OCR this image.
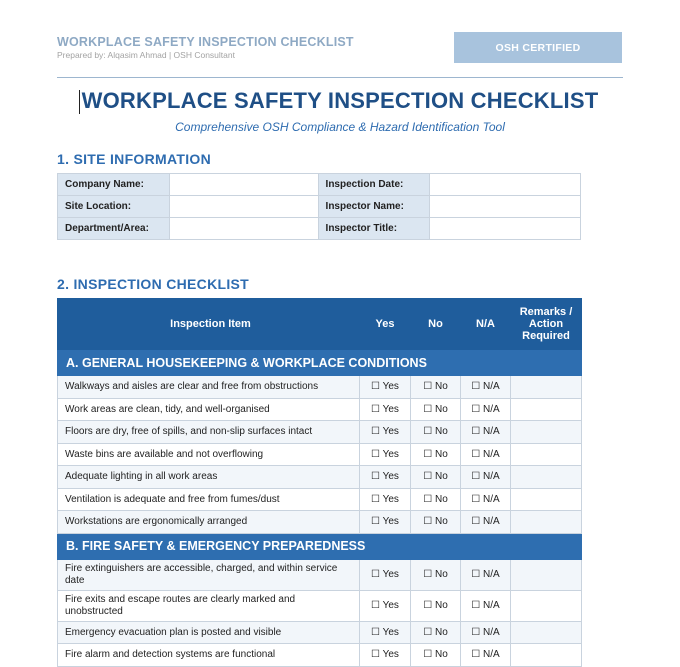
WORKPLACE SAFETY INSPECTION CHECKLIST
Prepared by: Alqasim Ahmad | OSH Consultant
OSH CERTIFIED
WORKPLACE SAFETY INSPECTION CHECKLIST
Comprehensive OSH Compliance & Hazard Identification Tool
1. SITE INFORMATION
Company Name:		Inspection Date:	
Site Location:		Inspector Name:	
Department/Area:		Inspector Title:	
2. INSPECTION CHECKLIST
Inspection Item	Yes	No	N/A	Remarks / Action Required
A. GENERAL HOUSEKEEPING & WORKPLACE CONDITIONS				
Walkways and aisles are clear and free from obstructions	☐ Yes	☐ No	☐ N/A	
Work areas are clean, tidy, and well-organised	☐ Yes	☐ No	☐ N/A	
Floors are dry, free of spills, and non-slip surfaces intact	☐ Yes	☐ No	☐ N/A	
Waste bins are available and not overflowing	☐ Yes	☐ No	☐ N/A	
Adequate lighting in all work areas	☐ Yes	☐ No	☐ N/A	
Ventilation is adequate and free from fumes/dust	☐ Yes	☐ No	☐ N/A	
Workstations are ergonomically arranged	☐ Yes	☐ No	☐ N/A	
B. FIRE SAFETY & EMERGENCY PREPAREDNESS				
Fire extinguishers are accessible, charged, and within service date	☐ Yes	☐ No	☐ N/A	
Fire exits and escape routes are clearly marked and unobstructed	☐ Yes	☐ No	☐ N/A	
Emergency evacuation plan is posted and visible	☐ Yes	☐ No	☐ N/A	
Fire alarm and detection systems are functional	☐ Yes	☐ No	☐ N/A	
